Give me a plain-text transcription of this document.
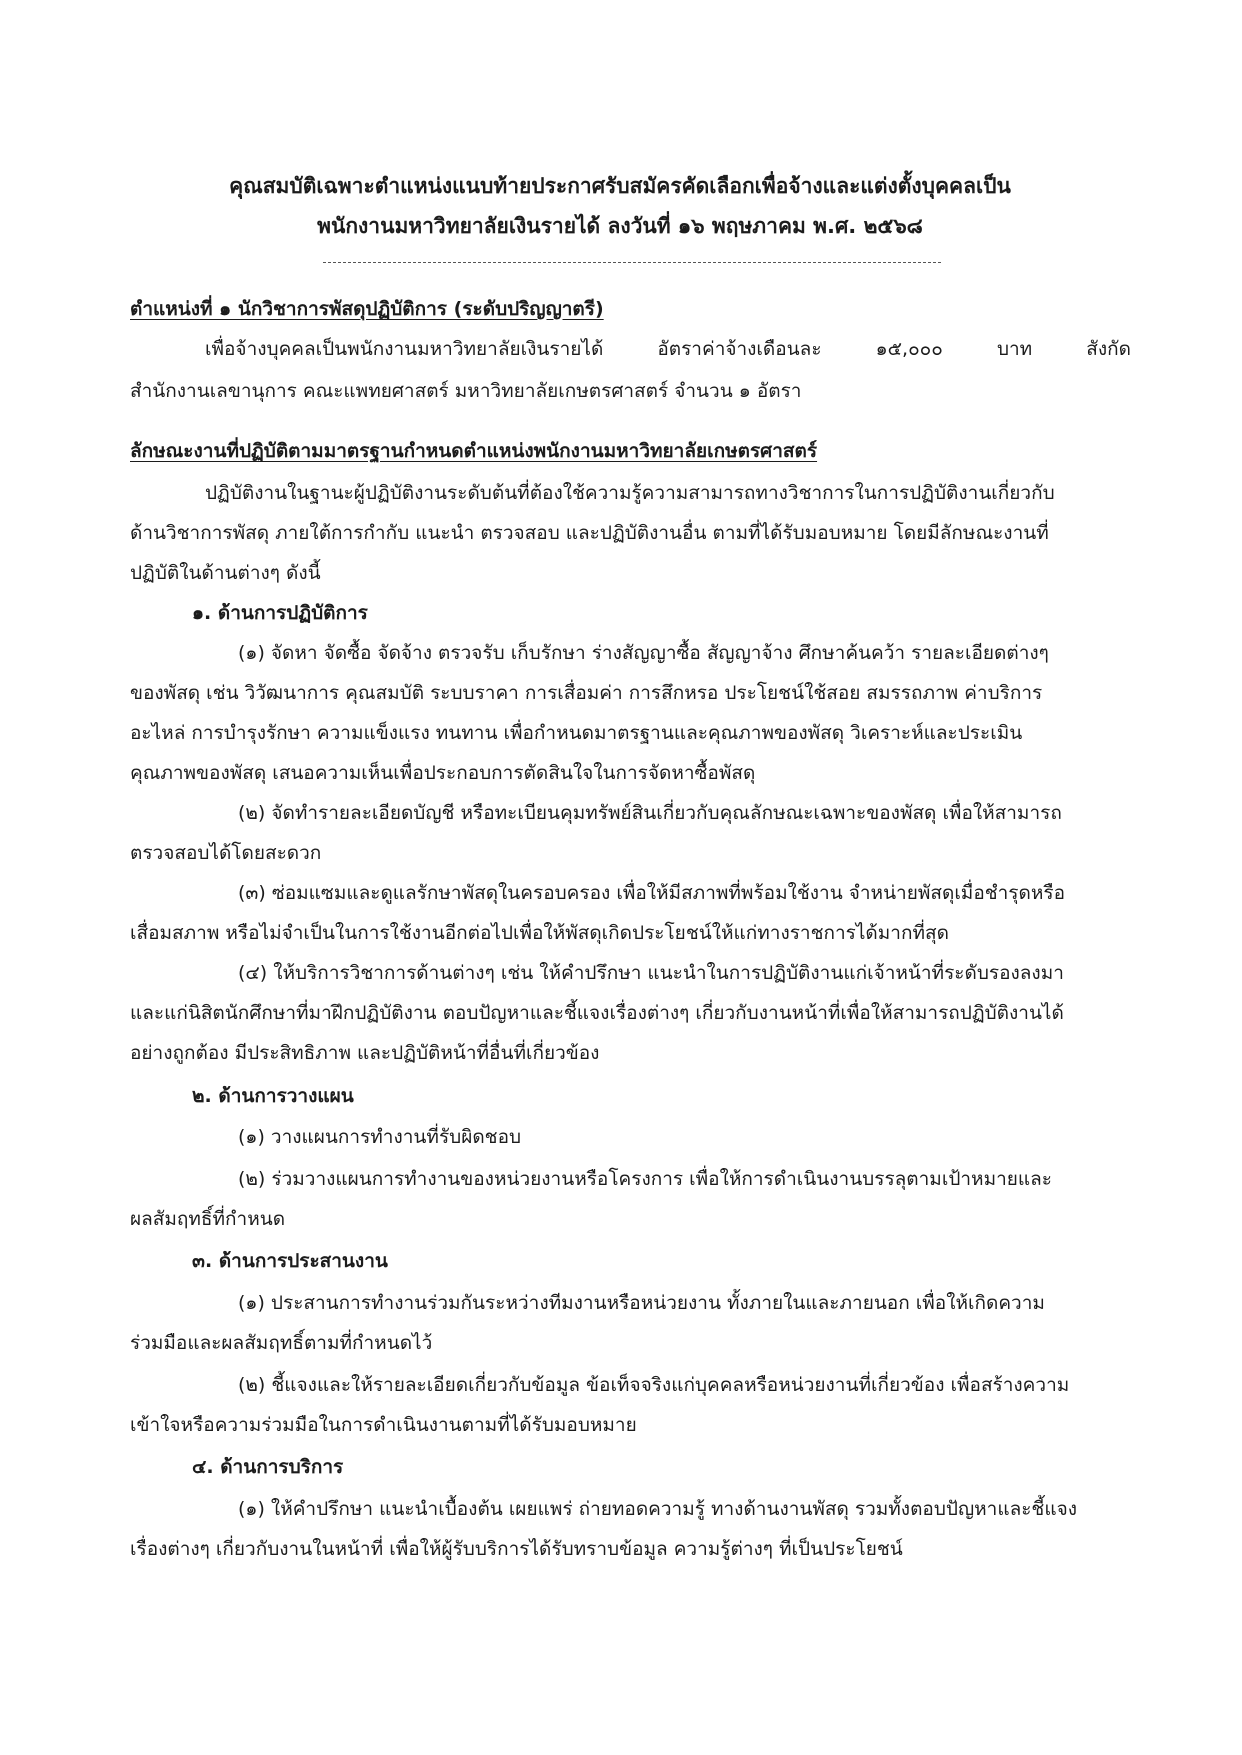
คุณสมบัติเฉพาะตำแหน่งแนบท้ายประกาศรับสมัครคัดเลือกเพื่อจ้างและแต่งตั้งบุคคลเป็น

พนักงานมหาวิทยาลัยเงินรายได้ ลงวันที่ ๑๖ พฤษภาคม พ.ศ. ๒๕๖๘

ตำแหน่งที่ ๑ นักวิชาการพัสดุปฏิบัติการ (ระดับปริญญาตรี)

เพื่อจ้างบุคคลเป็นพนักงานมหาวิทยาลัยเงินรายได้ อัตราค่าจ้างเดือนละ ๑๕,๐๐๐ บาท สังกัด

สำนักงานเลขานุการ คณะแพทยศาสตร์ มหาวิทยาลัยเกษตรศาสตร์ จำนวน ๑ อัตรา

ลักษณะงานที่ปฏิบัติตามมาตรฐานกำหนดตำแหน่งพนักงานมหาวิทยาลัยเกษตรศาสตร์

ปฏิบัติงานในฐานะผู้ปฏิบัติงานระดับต้นที่ต้องใช้ความรู้ความสามารถทางวิชาการในการปฏิบัติงานเกี่ยวกับ

ด้านวิชาการพัสดุ ภายใต้การกำกับ แนะนำ ตรวจสอบ และปฏิบัติงานอื่น ตามที่ได้รับมอบหมาย โดยมีลักษณะงานที่

ปฏิบัติในด้านต่างๆ ดังนี้

๑. ด้านการปฏิบัติการ

(๑) จัดหา จัดซื้อ จัดจ้าง ตรวจรับ เก็บรักษา ร่างสัญญาซื้อ สัญญาจ้าง ศึกษาค้นคว้า รายละเอียดต่างๆ

ของพัสดุ เช่น วิวัฒนาการ คุณสมบัติ ระบบราคา การเสื่อมค่า การสึกหรอ ประโยชน์ใช้สอย สมรรถภาพ ค่าบริการ

อะไหล่ การบำรุงรักษา ความแข็งแรง ทนทาน เพื่อกำหนดมาตรฐานและคุณภาพของพัสดุ วิเคราะห์และประเมิน

คุณภาพของพัสดุ เสนอความเห็นเพื่อประกอบการตัดสินใจในการจัดหาซื้อพัสดุ

(๒) จัดทำรายละเอียดบัญชี หรือทะเบียนคุมทรัพย์สินเกี่ยวกับคุณลักษณะเฉพาะของพัสดุ เพื่อให้สามารถ

ตรวจสอบได้โดยสะดวก

(๓) ซ่อมแซมและดูแลรักษาพัสดุในครอบครอง เพื่อให้มีสภาพที่พร้อมใช้งาน จำหน่ายพัสดุเมื่อชำรุดหรือ

เสื่อมสภาพ หรือไม่จำเป็นในการใช้งานอีกต่อไปเพื่อให้พัสดุเกิดประโยชน์ให้แก่ทางราชการได้มากที่สุด

(๔) ให้บริการวิชาการด้านต่างๆ เช่น ให้คำปรึกษา แนะนำในการปฏิบัติงานแก่เจ้าหน้าที่ระดับรองลงมา

และแก่นิสิตนักศึกษาที่มาฝึกปฏิบัติงาน ตอบปัญหาและชี้แจงเรื่องต่างๆ เกี่ยวกับงานหน้าที่เพื่อให้สามารถปฏิบัติงานได้

อย่างถูกต้อง มีประสิทธิภาพ และปฏิบัติหน้าที่อื่นที่เกี่ยวข้อง

๒. ด้านการวางแผน

(๑) วางแผนการทำงานที่รับผิดชอบ

(๒) ร่วมวางแผนการทำงานของหน่วยงานหรือโครงการ เพื่อให้การดำเนินงานบรรลุตามเป้าหมายและ

ผลสัมฤทธิ์ที่กำหนด

๓. ด้านการประสานงาน

(๑) ประสานการทำงานร่วมกันระหว่างทีมงานหรือหน่วยงาน ทั้งภายในและภายนอก เพื่อให้เกิดความ

ร่วมมือและผลสัมฤทธิ์ตามที่กำหนดไว้

(๒) ชี้แจงและให้รายละเอียดเกี่ยวกับข้อมูล ข้อเท็จจริงแก่บุคคลหรือหน่วยงานที่เกี่ยวข้อง เพื่อสร้างความ

เข้าใจหรือความร่วมมือในการดำเนินงานตามที่ได้รับมอบหมาย

๔. ด้านการบริการ

(๑) ให้คำปรึกษา แนะนำเบื้องต้น เผยแพร่ ถ่ายทอดความรู้ ทางด้านงานพัสดุ รวมทั้งตอบปัญหาและชี้แจง

เรื่องต่างๆ เกี่ยวกับงานในหน้าที่ เพื่อให้ผู้รับบริการได้รับทราบข้อมูล ความรู้ต่างๆ ที่เป็นประโยชน์
